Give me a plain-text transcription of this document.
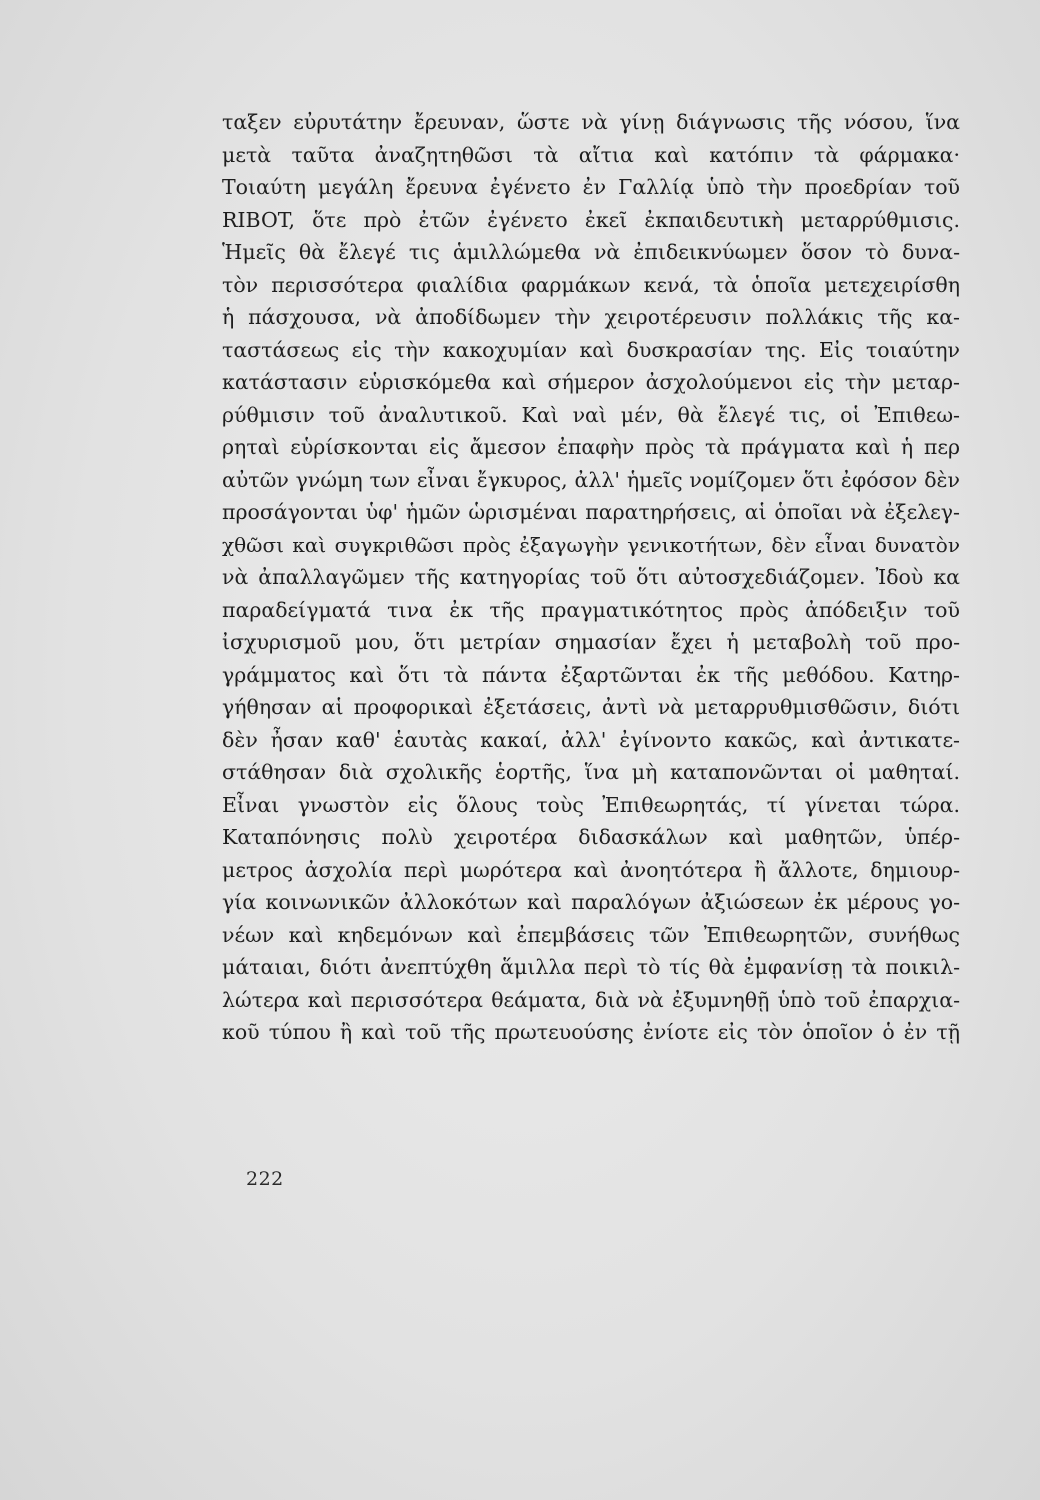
ταξεν εὐρυτάτην ἔρευναν, ὥστε νὰ γίνῃ διάγνωσις τῆς νόσου, ἵνα
μετὰ ταῦτα ἀναζητηθῶσι τὰ αἴτια καὶ κατόπιν τὰ φάρμακα·
Τοιαύτη μεγάλη ἔρευνα ἐγένετο ἐν Γαλλίᾳ ὑπὸ τὴν προεδρίαν τοῦ
RIBOT, ὅτε πρὸ ἐτῶν ἐγένετο ἐκεῖ ἐκπαιδευτικὴ μεταρρύθμισις.
Ἡμεῖς θὰ ἔλεγέ τις ἁμιλλώμεθα νὰ ἐπιδεικνύωμεν ὅσον τὸ δυνα-
τὸν περισσότερα φιαλίδια φαρμάκων κενά, τὰ ὁποῖα μετεχειρίσθη
ἡ πάσχουσα, νὰ ἀποδίδωμεν τὴν χειροτέρευσιν πολλάκις τῆς κα-
ταστάσεως εἰς τὴν κακοχυμίαν καὶ δυσκρασίαν της. Εἰς τοιαύτην
κατάστασιν εὑρισκόμεθα καὶ σήμερον ἀσχολούμενοι εἰς τὴν μεταρ-
ρύθμισιν τοῦ ἀναλυτικοῦ. Καὶ ναὶ μέν, θὰ ἔλεγέ τις, οἱ Ἐπιθεω-
ρηταὶ εὑρίσκονται εἰς ἄμεσον ἐπαφὴν πρὸς τὰ πράγματα καὶ ἡ περ
αὐτῶν γνώμη των εἶναι ἔγκυρος, ἀλλ' ἡμεῖς νομίζομεν ὅτι ἐφόσον δὲν
προσάγονται ὑφ' ἡμῶν ὡρισμέναι παρατηρήσεις, αἱ ὁποῖαι νὰ ἐξελεγ-
χθῶσι καὶ συγκριθῶσι πρὸς ἐξαγωγὴν γενικοτήτων, δὲν εἶναι δυνατὸν
νὰ ἀπαλλαγῶμεν τῆς κατηγορίας τοῦ ὅτι αὐτοσχεδιάζομεν. Ἰδοὺ κα
παραδείγματά τινα ἐκ τῆς πραγματικότητος πρὸς ἀπόδειξιν τοῦ
ἰσχυρισμοῦ μου, ὅτι μετρίαν σημασίαν ἔχει ἡ μεταβολὴ τοῦ προ-
γράμματος καὶ ὅτι τὰ πάντα ἐξαρτῶνται ἐκ τῆς μεθόδου. Κατηρ-
γήθησαν αἱ προφορικαὶ ἐξετάσεις, ἀντὶ νὰ μεταρρυθμισθῶσιν, διότι
δὲν ἦσαν καθ' ἑαυτὰς κακαί, ἀλλ' ἐγίνοντο κακῶς, καὶ ἀντικατε-
στάθησαν διὰ σχολικῆς ἑορτῆς, ἵνα μὴ καταπονῶνται οἱ μαθηταί.
Εἶναι γνωστὸν εἰς ὅλους τοὺς Ἐπιθεωρητάς, τί γίνεται τώρα.
Καταπόνησις πολὺ χειροτέρα διδασκάλων καὶ μαθητῶν, ὑπέρ-
μετρος ἀσχολία περὶ μωρότερα καὶ ἀνοητότερα ἢ ἄλλοτε, δημιουρ-
γία κοινωνικῶν ἀλλοκότων καὶ παραλόγων ἀξιώσεων ἐκ μέρους γο-
νέων καὶ κηδεμόνων καὶ ἐπεμβάσεις τῶν Ἐπιθεωρητῶν, συνήθως
μάταιαι, διότι ἀνεπτύχθη ἅμιλλα περὶ τὸ τίς θὰ ἐμφανίσῃ τὰ ποικιλ-
λώτερα καὶ περισσότερα θεάματα, διὰ νὰ ἐξυμνηθῇ ὑπὸ τοῦ ἐπαρχια-
κοῦ τύπου ἢ καὶ τοῦ τῆς πρωτευούσης ἐνίοτε εἰς τὸν ὁποῖον ὁ ἐν τῇ
222
